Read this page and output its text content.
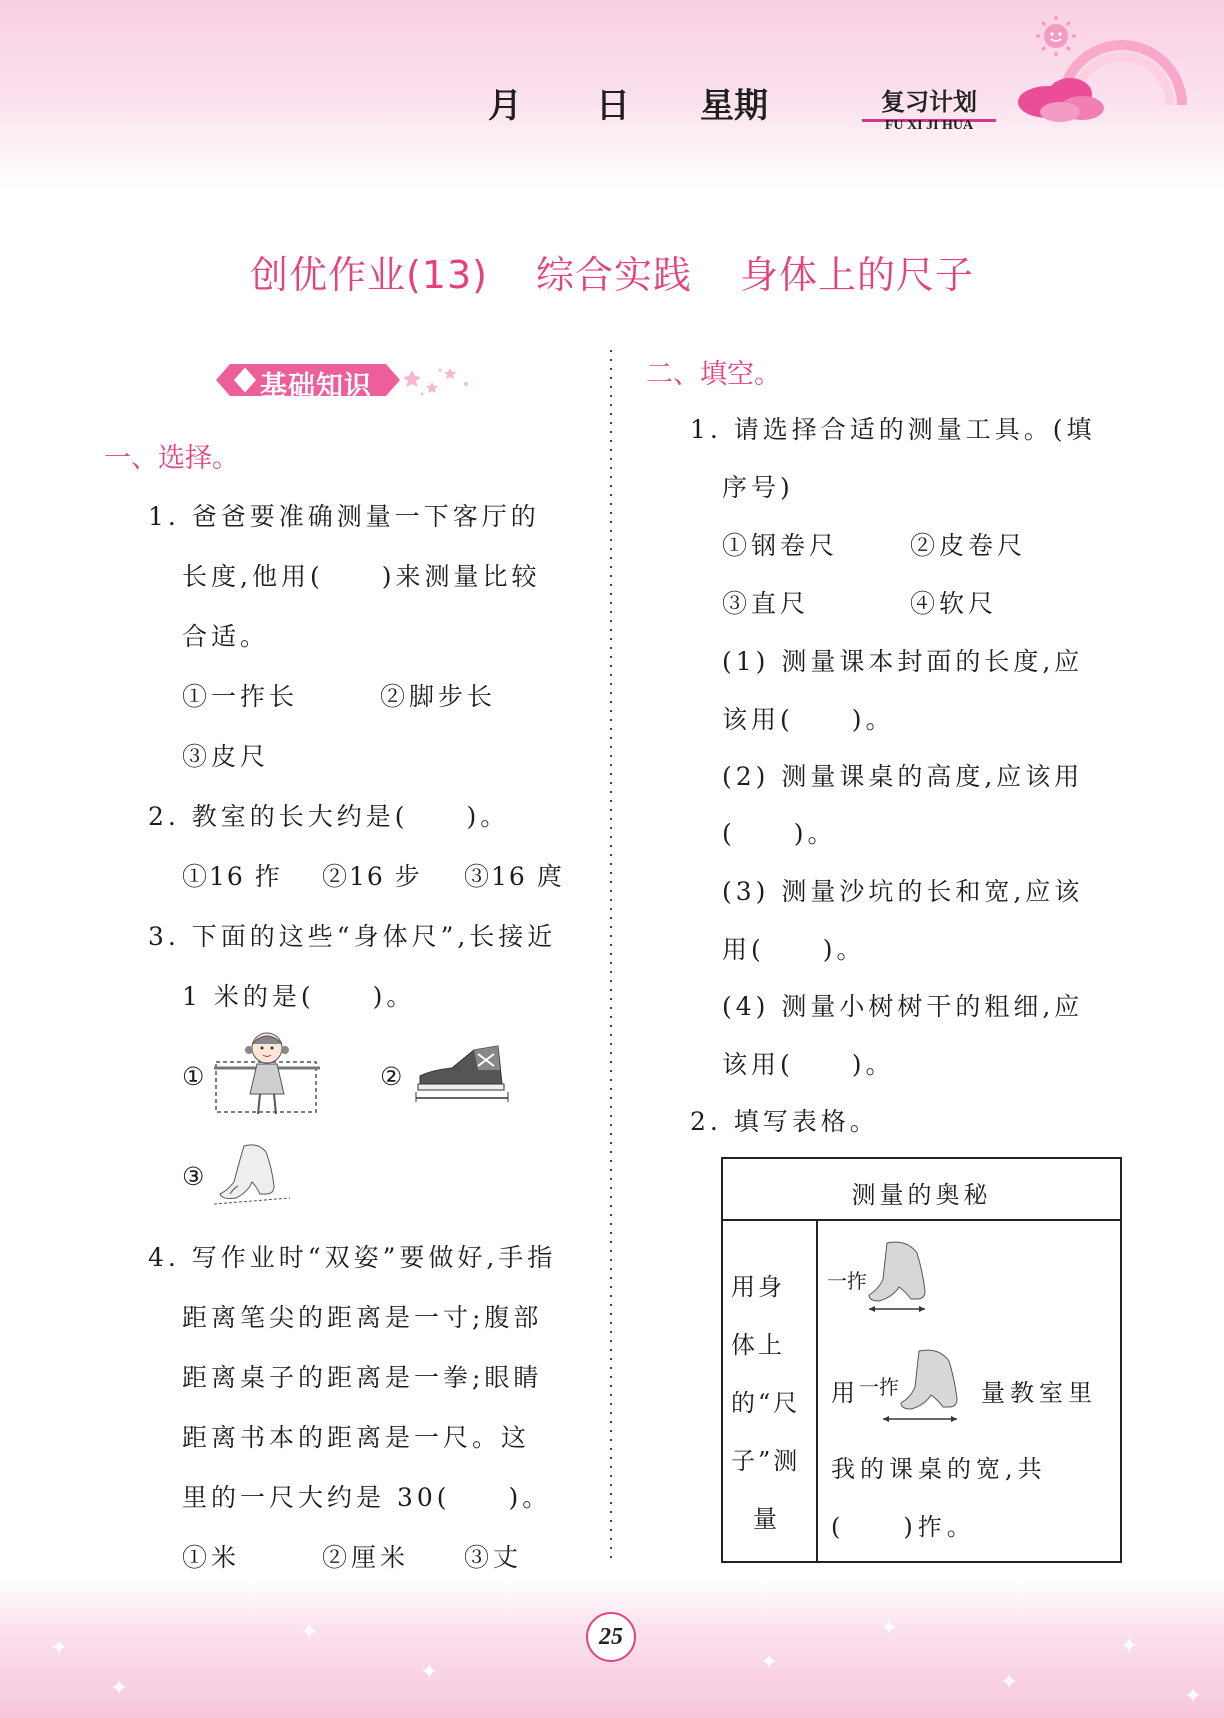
月 日 星期	复习计划
FU XI JI HUA
创优作业(13) 综合实践 身体上的尺子
基础知识
一、选择。
1. 爸爸要准确测量一下客厅的
长度,他用(　　)来测量比较
合适。
①一拃长	②脚步长
③皮尺
2. 教室的长大约是(　　)。
①16 拃 ②16 步 ③16 庹
3. 下面的这些“身体尺”,长接近
1 米的是(　　)。
①	②
③
4. 写作业时“双姿”要做好,手指
距离笔尖的距离是一寸;腹部
距离桌子的距离是一拳;眼睛
距离书本的距离是一尺。这
里的一尺大约是 30(　　)。
①米	②厘米 ③丈
二、填空。
1. 请选择合适的测量工具。(填
序号)
①钢卷尺	②皮卷尺
③直尺	④软尺
(1) 测量课本封面的长度,应
该用(　　)。
(2) 测量课桌的高度,应该用
(　　)。
(3) 测量沙坑的长和宽,应该
用(　　)。
(4) 测量小树树干的粗细,应
该用(　　)。
2. 填写表格。
测量的奥秘
用身
体上
的“尺
子”测
量
一拃
用 一拃	量教室里
我的课桌的宽,共
(　　)拃。
✦
✦
✦
✦	✦
✦
✦
✦
✦
25
